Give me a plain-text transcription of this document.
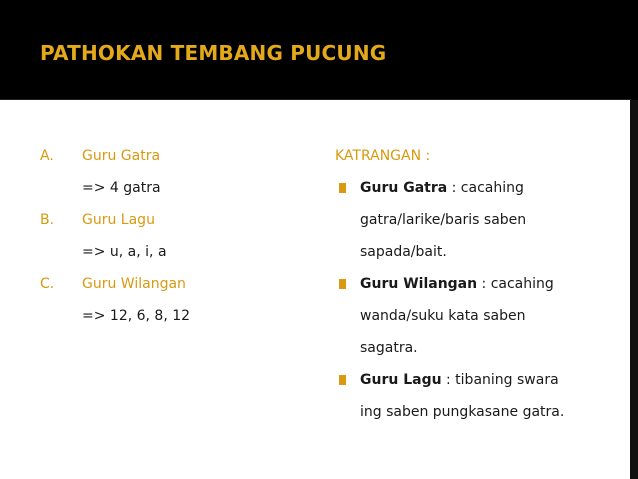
PATHOKAN TEMBANG PUCUNG
A.	Guru Gatra
=> 4 gatra
B.	Guru Lagu
=> u, a, i, a
C.	Guru Wilangan
=> 12, 6, 8, 12
KATRANGAN :
Guru Gatra : cacahing
gatra/larike/baris saben
sapada/bait.
Guru Wilangan : cacahing
wanda/suku kata saben
sagatra.
Guru Lagu : tibaning swara
ing saben pungkasane gatra.
